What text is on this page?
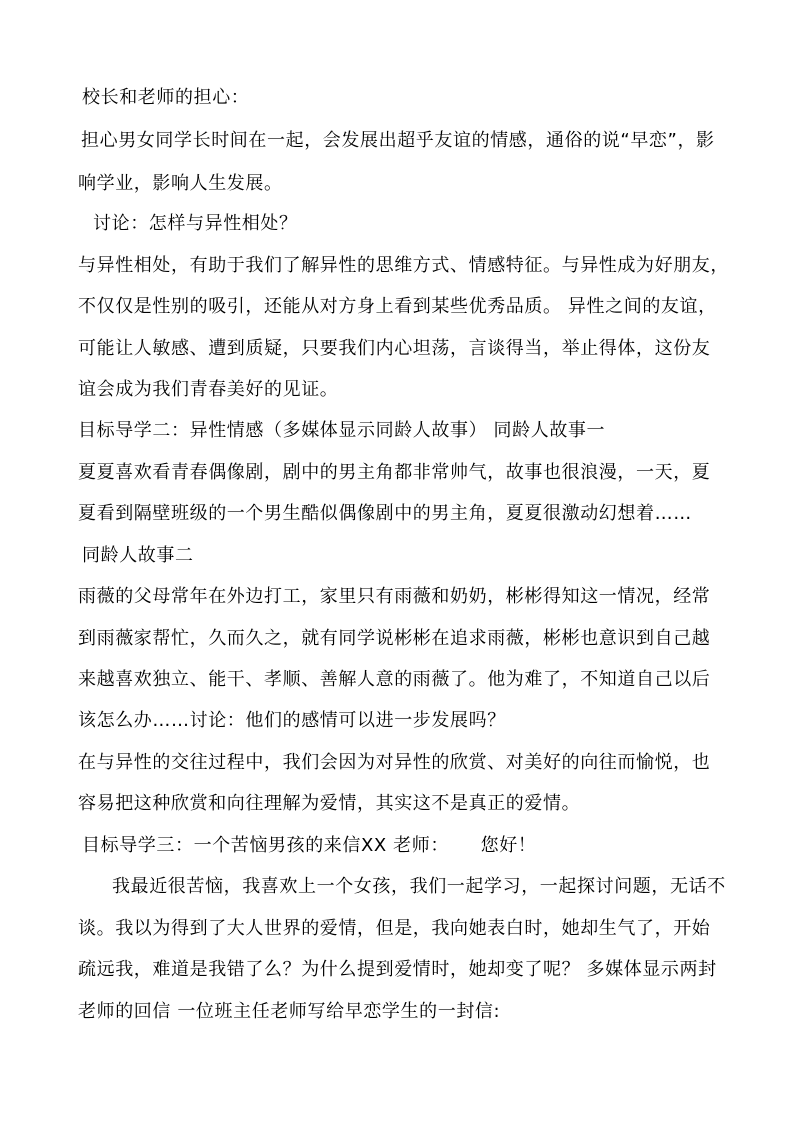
校长和老师的担心：
担心男女同学长时间在一起，会发展出超乎友谊的情感，通俗的说“早恋”，影
响学业，影响人生发展。
讨论：怎样与异性相处？
与异性相处，有助于我们了解异性的思维方式、情感特征。与异性成为好朋友，
不仅仅是性别的吸引，还能从对方身上看到某些优秀品质。 异性之间的友谊，
可能让人敏感、遭到质疑，只要我们内心坦荡，言谈得当，举止得体，这份友
谊会成为我们青春美好的见证。
目标导学二：异性情感（多媒体显示同龄人故事） 同龄人故事一
夏夏喜欢看青春偶像剧，剧中的男主角都非常帅气，故事也很浪漫，一天，夏
夏看到隔壁班级的一个男生酷似偶像剧中的男主角，夏夏很激动幻想着……
同龄人故事二
雨薇的父母常年在外边打工，家里只有雨薇和奶奶，彬彬得知这一情况，经常
到雨薇家帮忙，久而久之，就有同学说彬彬在追求雨薇，彬彬也意识到自己越
来越喜欢独立、能干、孝顺、善解人意的雨薇了。他为难了，不知道自己以后
该怎么办……讨论：他们的感情可以进一步发展吗？
在与异性的交往过程中，我们会因为对异性的欣赏、对美好的向往而愉悦，也
容易把这种欣赏和向往理解为爱情，其实这不是真正的爱情。
目标导学三：一个苦恼男孩的来信XX 老师：     您好！
我最近很苦恼，我喜欢上一个女孩，我们一起学习，一起探讨问题，无话不
谈。我以为得到了大人世界的爱情，但是，我向她表白时，她却生气了，开始
疏远我，难道是我错了么？为什么提到爱情时，她却变了呢？ 多媒体显示两封
老师的回信 一位班主任老师写给早恋学生的一封信:
